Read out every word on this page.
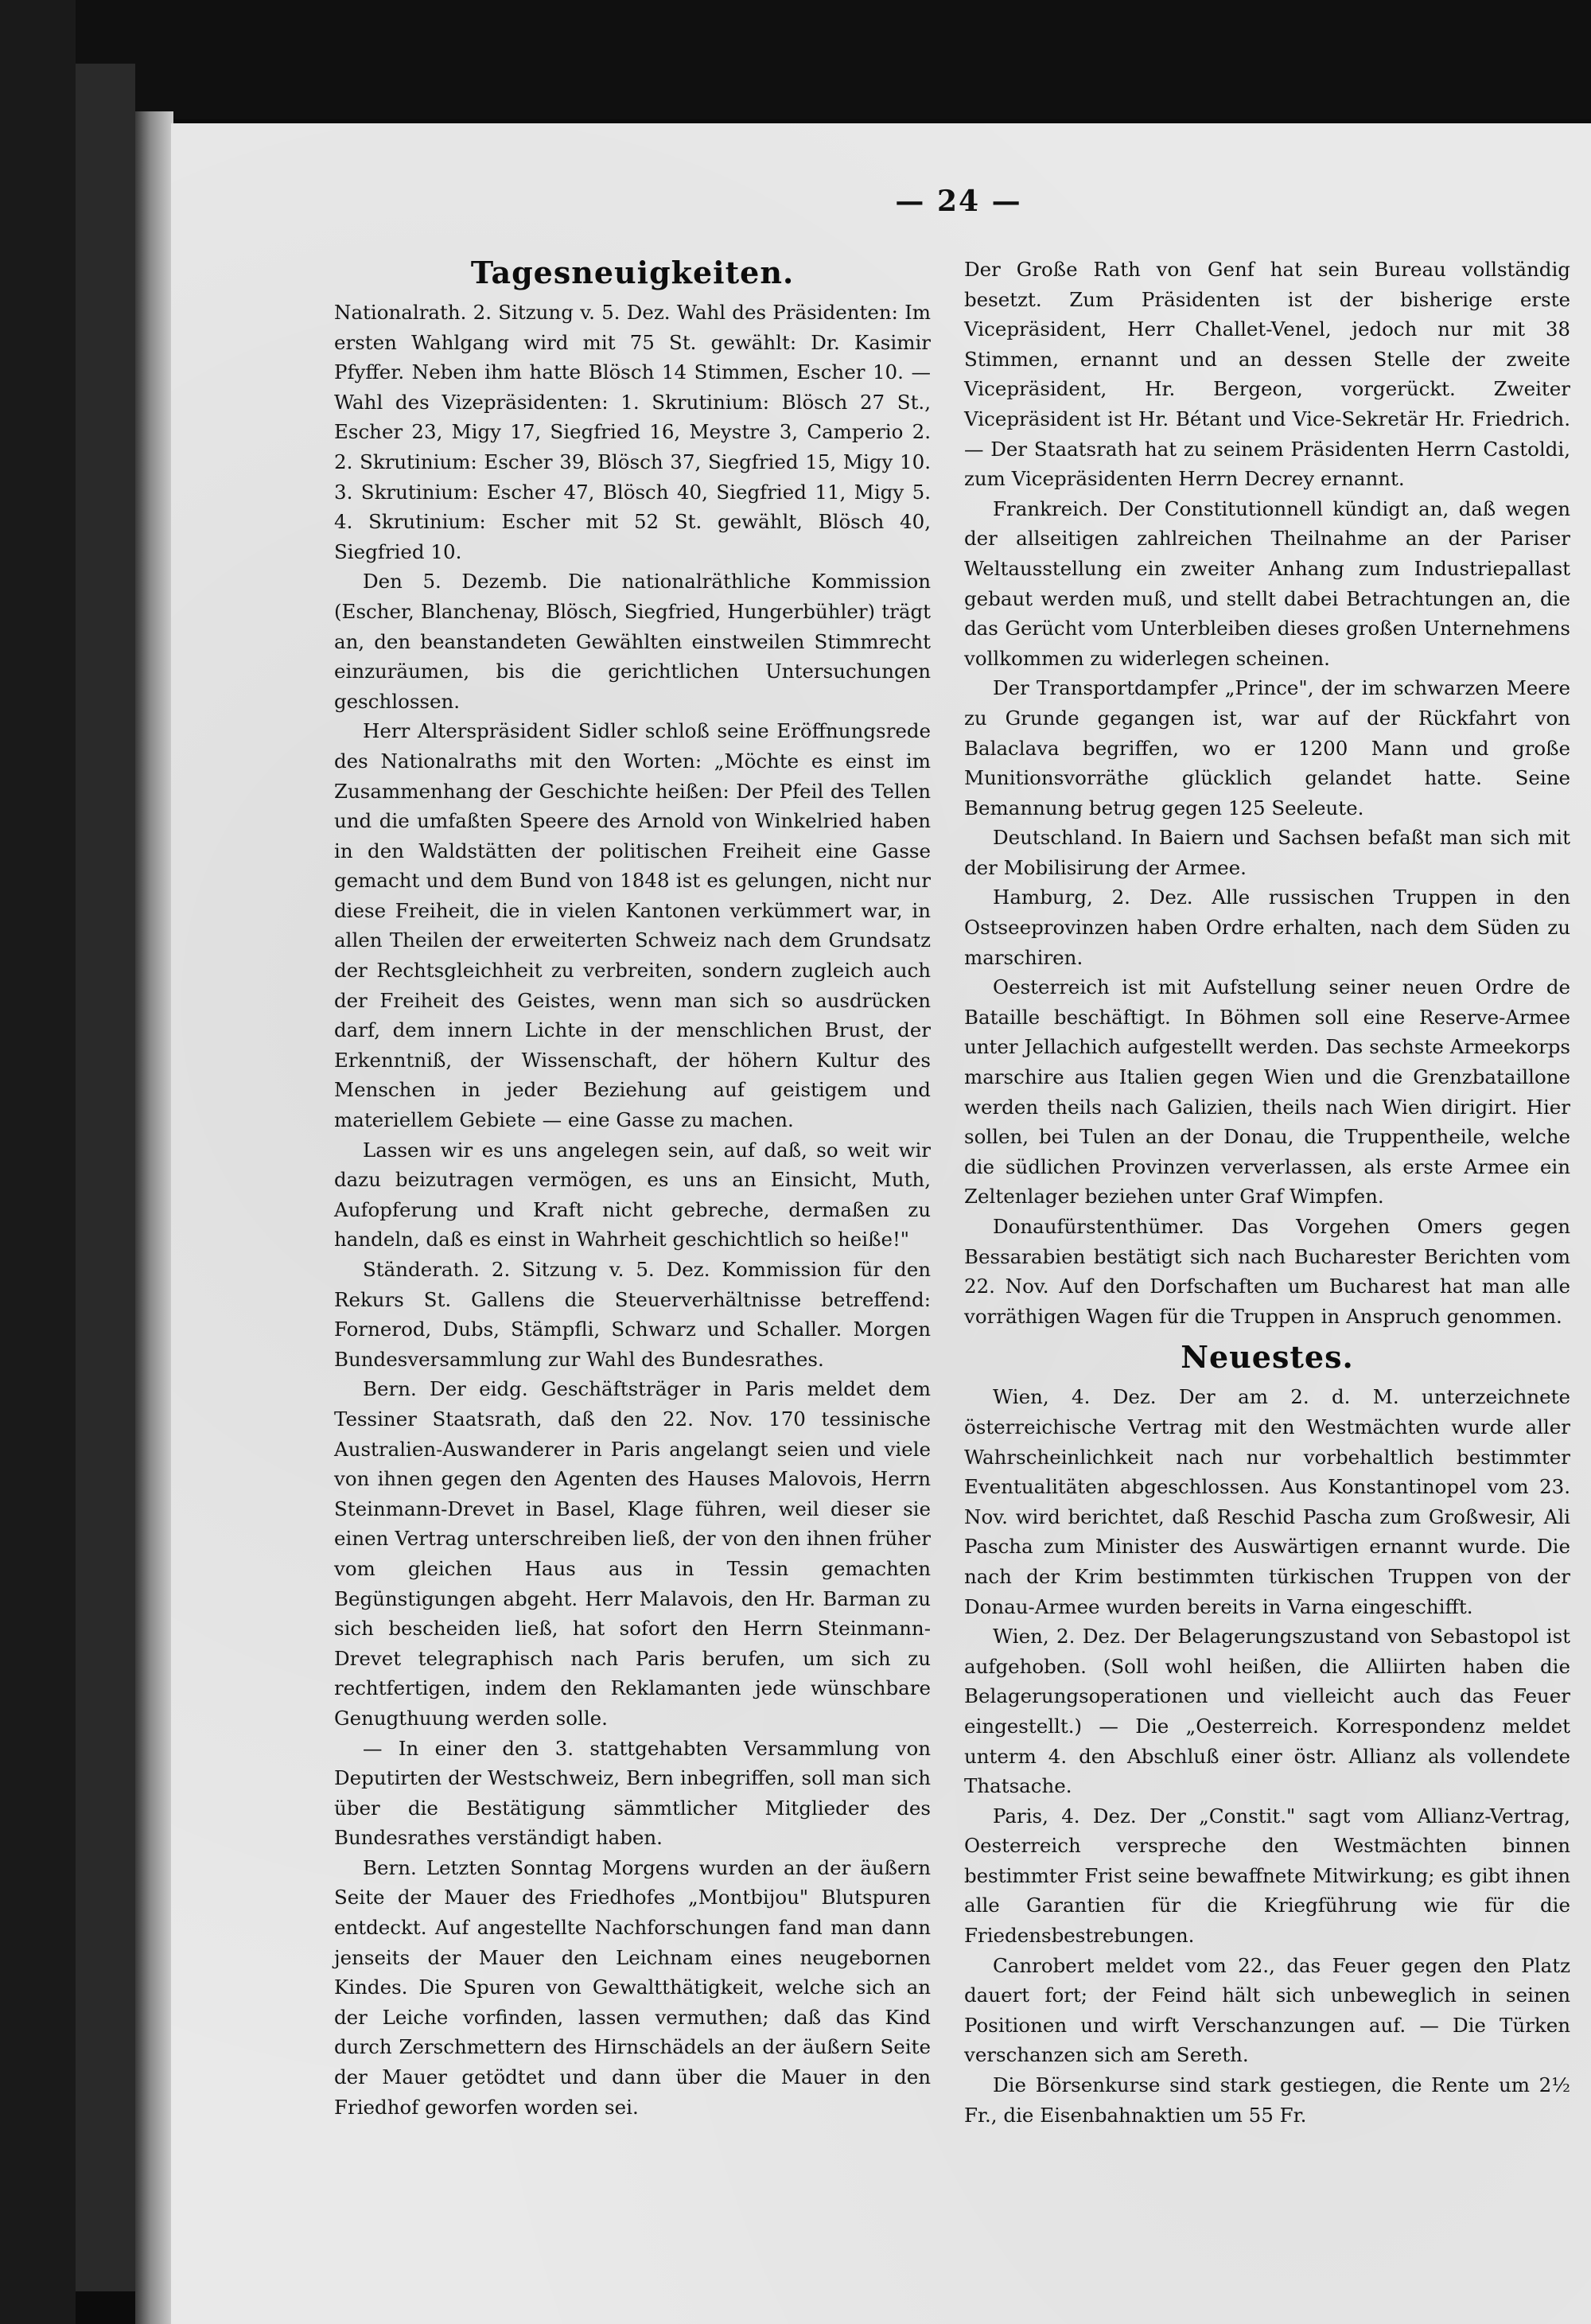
— 24 —
Tagesneuigkeiten.

Nationalrath. 2. Sitzung v. 5. Dez. Wahl des Präsidenten: Im ersten Wahlgang wird mit 75 St. gewählt: Dr. Kasimir Pfyffer. Neben ihm hatte Blösch 14 Stimmen, Escher 10. — Wahl des Vizepräsidenten: 1. Skrutinium: Blösch 27 St., Escher 23, Migy 17, Siegfried 16, Meystre 3, Camperio 2. 2. Skrutinium: Escher 39, Blösch 37, Siegfried 15, Migy 10. 3. Skrutinium: Escher 47, Blösch 40, Siegfried 11, Migy 5. 4. Skrutinium: Escher mit 52 St. gewählt, Blösch 40, Siegfried 10.

Den 5. Dezemb. Die nationalräthliche Kommission (Escher, Blanchenay, Blösch, Siegfried, Hungerbühler) trägt an, den beanstandeten Gewählten einstweilen Stimmrecht einzuräumen, bis die gerichtlichen Untersuchungen geschlossen.

Herr Alterspräsident Sidler schloß seine Eröffnungsrede des Nationalraths mit den Worten: „Möchte es einst im Zusammenhang der Geschichte heißen: Der Pfeil des Tellen und die umfaßten Speere des Arnold von Winkelried haben in den Waldstätten der politischen Freiheit eine Gasse gemacht und dem Bund von 1848 ist es gelungen, nicht nur diese Freiheit, die in vielen Kantonen verkümmert war, in allen Theilen der erweiterten Schweiz nach dem Grundsatz der Rechtsgleichheit zu verbreiten, sondern zugleich auch der Freiheit des Geistes, wenn man sich so ausdrücken darf, dem innern Lichte in der menschlichen Brust, der Erkenntniß, der Wissenschaft, der höhern Kultur des Menschen in jeder Beziehung auf geistigem und materiellem Gebiete — eine Gasse zu machen.

Lassen wir es uns angelegen sein, auf daß, so weit wir dazu beizutragen vermögen, es uns an Einsicht, Muth, Aufopferung und Kraft nicht gebreche, dermaßen zu handeln, daß es einst in Wahrheit geschichtlich so heiße!"

Ständerath. 2. Sitzung v. 5. Dez. Kommission für den Rekurs St. Gallens die Steuerverhältnisse betreffend: Fornerod, Dubs, Stämpfli, Schwarz und Schaller. Morgen Bundesversammlung zur Wahl des Bundesrathes.

Bern. Der eidg. Geschäftsträger in Paris meldet dem Tessiner Staatsrath, daß den 22. Nov. 170 tessinische Australien-Auswanderer in Paris angelangt seien und viele von ihnen gegen den Agenten des Hauses Malovois, Herrn Steinmann-Drevet in Basel, Klage führen, weil dieser sie einen Vertrag unterschreiben ließ, der von den ihnen früher vom gleichen Haus aus in Tessin gemachten Begünstigungen abgeht. Herr Malavois, den Hr. Barman zu sich bescheiden ließ, hat sofort den Herrn Steinmann-Drevet telegraphisch nach Paris berufen, um sich zu rechtfertigen, indem den Reklamanten jede wünschbare Genugthuung werden solle.

— In einer den 3. stattgehabten Versammlung von Deputirten der Westschweiz, Bern inbegriffen, soll man sich über die Bestätigung sämmtlicher Mitglieder des Bundesrathes verständigt haben.

Bern. Letzten Sonntag Morgens wurden an der äußern Seite der Mauer des Friedhofes „Montbijou" Blutspuren entdeckt. Auf angestellte Nachforschungen fand man dann jenseits der Mauer den Leichnam eines neugebornen Kindes. Die Spuren von Gewaltthätigkeit, welche sich an der Leiche vorfinden, lassen vermuthen; daß das Kind durch Zerschmettern des Hirnschädels an der äußern Seite der Mauer getödtet und dann über die Mauer in den Friedhof geworfen worden sei.

Der Große Rath von Genf hat sein Bureau vollständig besetzt. Zum Präsidenten ist der bisherige erste Vicepräsident, Herr Challet-Venel, jedoch nur mit 38 Stimmen, ernannt und an dessen Stelle der zweite Vicepräsident, Hr. Bergeon, vorgerückt. Zweiter Vicepräsident ist Hr. Bétant und Vice-Sekretär Hr. Friedrich. — Der Staatsrath hat zu seinem Präsidenten Herrn Castoldi, zum Vicepräsidenten Herrn Decrey ernannt.

Frankreich. Der Constitutionnell kündigt an, daß wegen der allseitigen zahlreichen Theilnahme an der Pariser Weltausstellung ein zweiter Anhang zum Industriepallast gebaut werden muß, und stellt dabei Betrachtungen an, die das Gerücht vom Unterbleiben dieses großen Unternehmens vollkommen zu widerlegen scheinen.

Der Transportdampfer „Prince", der im schwarzen Meere zu Grunde gegangen ist, war auf der Rückfahrt von Balaclava begriffen, wo er 1200 Mann und große Munitionsvorräthe glücklich gelandet hatte. Seine Bemannung betrug gegen 125 Seeleute.

Deutschland. In Baiern und Sachsen befaßt man sich mit der Mobilisirung der Armee.

Hamburg, 2. Dez. Alle russischen Truppen in den Ostseeprovinzen haben Ordre erhalten, nach dem Süden zu marschiren.

Oesterreich ist mit Aufstellung seiner neuen Ordre de Bataille beschäftigt. In Böhmen soll eine Reserve-Armee unter Jellachich aufgestellt werden. Das sechste Armeekorps marschire aus Italien gegen Wien und die Grenzbataillone werden theils nach Galizien, theils nach Wien dirigirt. Hier sollen, bei Tulen an der Donau, die Truppentheile, welche die südlichen Provinzen ververlassen, als erste Armee ein Zeltenlager beziehen unter Graf Wimpfen.

Donaufürstenthümer. Das Vorgehen Omers gegen Bessarabien bestätigt sich nach Bucharester Berichten vom 22. Nov. Auf den Dorfschaften um Bucharest hat man alle vorräthigen Wagen für die Truppen in Anspruch genommen.

Neuestes.

Wien, 4. Dez. Der am 2. d. M. unterzeichnete österreichische Vertrag mit den Westmächten wurde aller Wahrscheinlichkeit nach nur vorbehaltlich bestimmter Eventualitäten abgeschlossen. Aus Konstantinopel vom 23. Nov. wird berichtet, daß Reschid Pascha zum Großwesir, Ali Pascha zum Minister des Auswärtigen ernannt wurde. Die nach der Krim bestimmten türkischen Truppen von der Donau-Armee wurden bereits in Varna eingeschifft.

Wien, 2. Dez. Der Belagerungszustand von Sebastopol ist aufgehoben. (Soll wohl heißen, die Alliirten haben die Belagerungsoperationen und vielleicht auch das Feuer eingestellt.) — Die „Oesterreich. Korrespondenz meldet unterm 4. den Abschluß einer östr. Allianz als vollendete Thatsache.

Paris, 4. Dez. Der „Constit." sagt vom Allianz-Vertrag, Oesterreich verspreche den Westmächten binnen bestimmter Frist seine bewaffnete Mitwirkung; es gibt ihnen alle Garantien für die Kriegführung wie für die Friedensbestrebungen.

Canrobert meldet vom 22., das Feuer gegen den Platz dauert fort; der Feind hält sich unbeweglich in seinen Positionen und wirft Verschanzungen auf. — Die Türken verschanzen sich am Sereth.

Die Börsenkurse sind stark gestiegen, die Rente um 2½ Fr., die Eisenbahnaktien um 55 Fr.
